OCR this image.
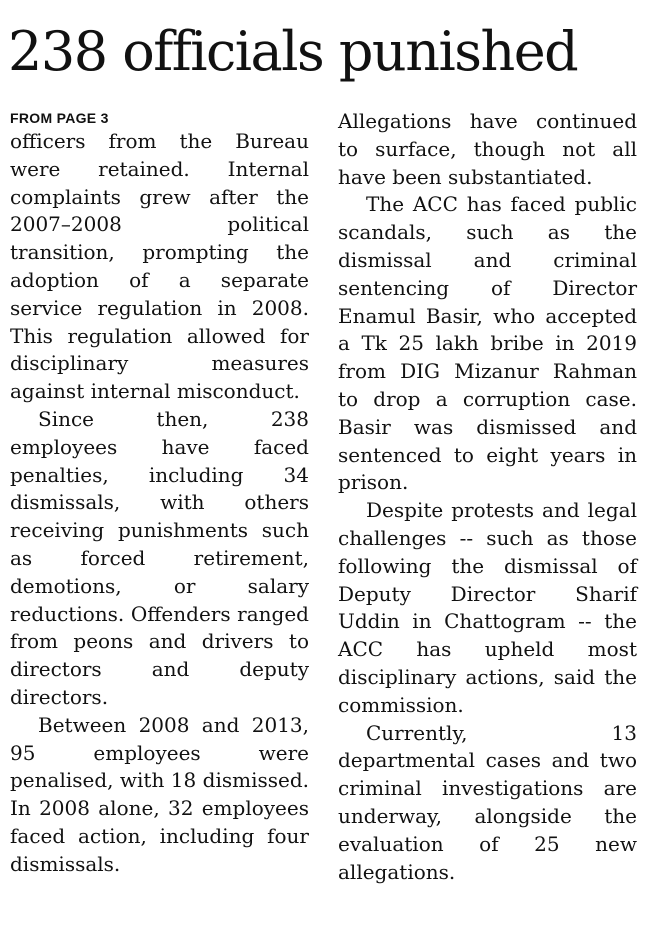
238 officials punished
FROM PAGE 3

officers from the Bureau were retained. Internal complaints grew after the 2007–2008 political transition, prompting the adoption of a separate service regulation in 2008. This regulation allowed for disciplinary measures against internal misconduct.

Since then, 238 employees have faced penalties, including 34 dismissals, with others receiving punishments such as forced retirement, demotions, or salary reductions. Offenders ranged from peons and drivers to directors and deputy directors.

Between 2008 and 2013, 95 employees were penalised, with 18 dismissed. In 2008 alone, 32 employees faced action, including four dismissals.

Allegations have continued to surface, though not all have been substantiated.

The ACC has faced public scandals, such as the dismissal and criminal sentencing of Director Enamul Basir, who accepted a Tk 25 lakh bribe in 2019 from DIG Mizanur Rahman to drop a corruption case. Basir was dismissed and sentenced to eight years in prison.

Despite protests and legal challenges -- such as those following the dismissal of Deputy Director Sharif Uddin in Chattogram -- the ACC has upheld most disciplinary actions, said the commission.

Currently, 13 departmental cases and two criminal investigations are underway, alongside the evaluation of 25 new allegations.
